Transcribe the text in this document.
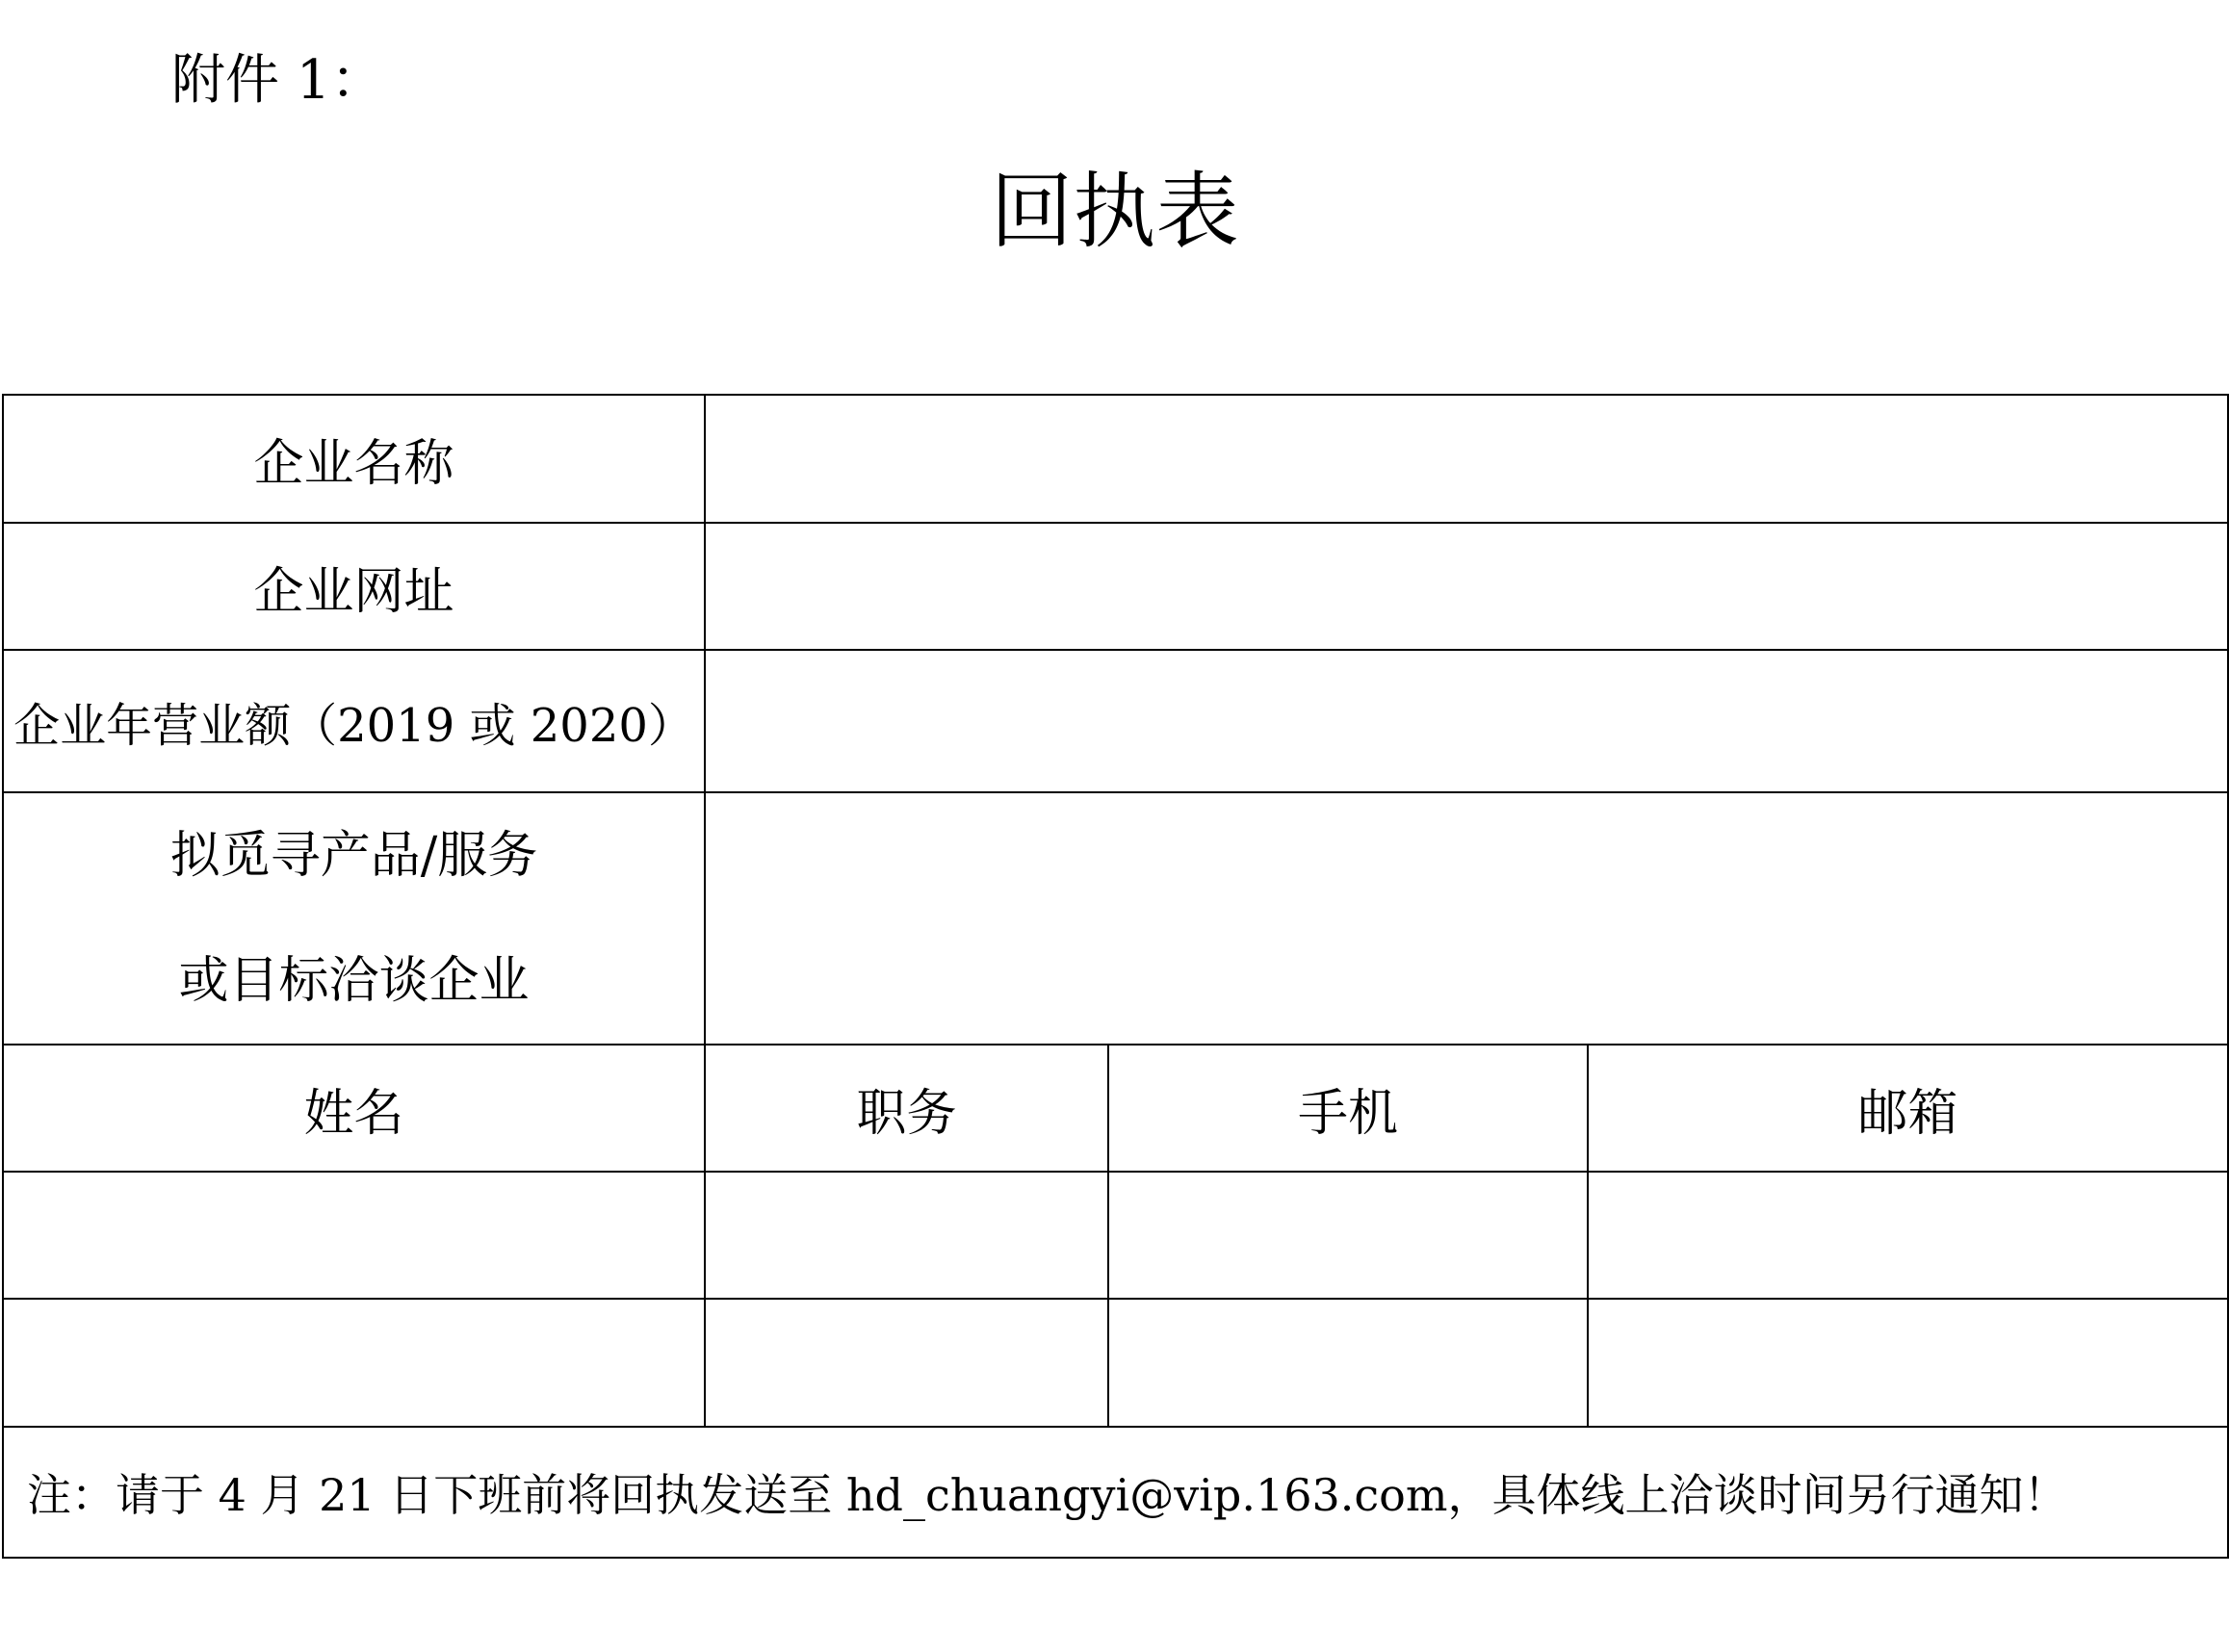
附件 1：
回执表
企业名称			
企业网址			
企业年营业额（2019 或 2020）			

拟觅寻产品/服务
或目标洽谈企业			

姓名	职务	手机	邮箱

注：请于 4 月 21 日下班前将回执发送至 hd_chuangyi@vip.163.com，具体线上洽谈时间另行通知！			
